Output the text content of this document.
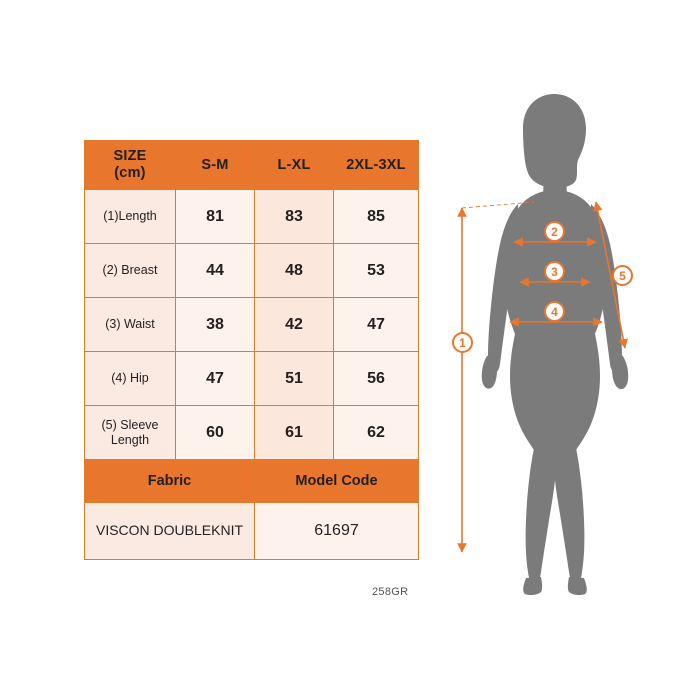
SIZE
(cm)	S-M	L-XL	2XL-3XL
(1)Length	81	83	85
(2) Breast	44	48	53
(3) Waist	38	42	47
(4) Hip	47	51	56
(5) Sleeve Length	60	61	62
Fabric		Model Code	
VISCON DOUBLEKNIT		61697	
258GR
1
2
3
4
5
